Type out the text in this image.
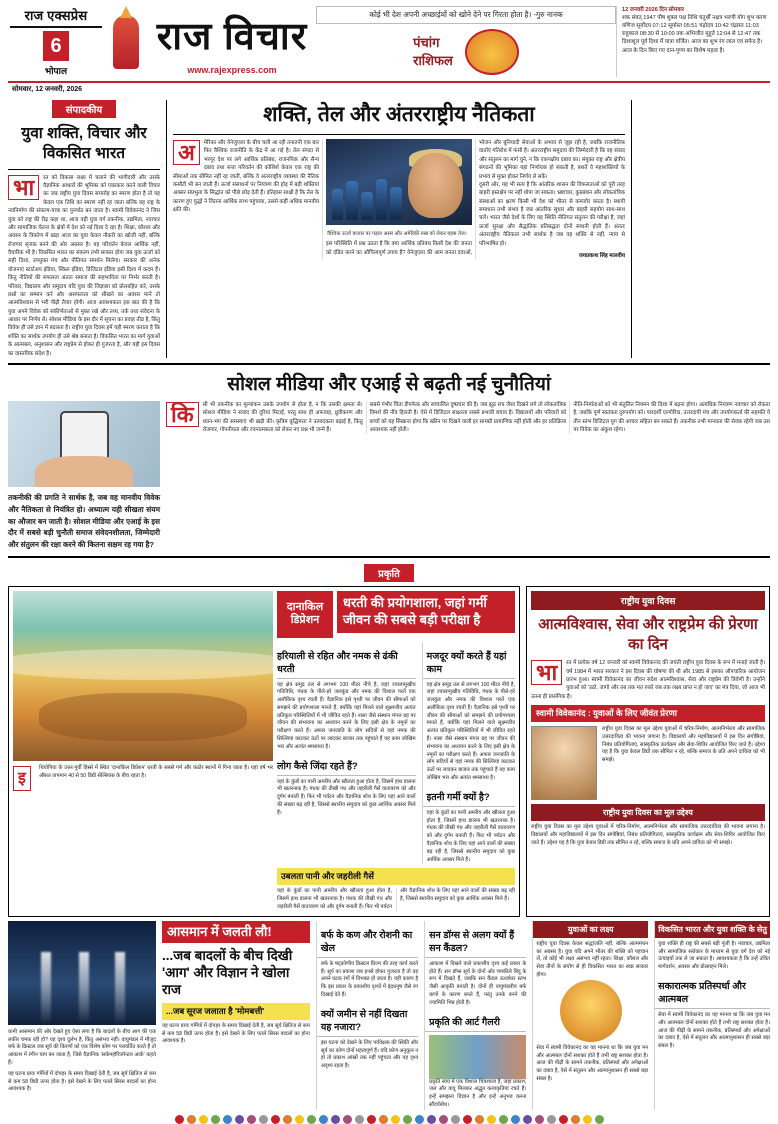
राज एक्सप्रेस
6
भोपाल
राज विचार
www.rajexpress.com
कोई भी देश अपनी अच्छाईयों को खोने देने पर गिरता होता है। -गुरु नानक
पंचांग
राशिफल
12 जनवरी 2026 दिन सोमवार
शक संवत् 1947 पौष शुक्ल पक्ष तिथि चतुर्थी नक्षत्र भरणी योग शुभ करण वणिज सूर्योदय 07:12 सूर्यास्त 05:51 चंद्रोदय 10:42 चंद्रास्त 11:03 राहुकाल 08:30 से 10:00 तक अभिजीत मुहूर्त 12:04 से 12:47 तक दिशाशूल पूर्व दिशा में यात्रा वर्जित। आज का शुभ रंग लाल एवं सफेद है। आज के दिन किए गए दान-पुण्य का विशेष महत्व है।
सोमवार, 12 जनवरी, 2026
संपादकीय
युवा शक्ति, विचार और विकसित भारत
भा	रत को विकास लक्ष्य में चलाने की भागीदारी और उसके वैज्ञानिक आधारों की भूमिका को एकाकार करने वाली विचार का जब राष्ट्रीय युवा दिवस समारोह का स्मरण होता है तो यह केवल एक तिथि का स्मरण नहीं रह जाता बल्कि यह राष्ट्र के नवनिर्माण की संकल्प-यात्रा का पुनर्पाठ बन जाता है। स्वामी विवेकानंद ने जिस युवा को राष्ट्र की रीढ़ कहा था, आज वही युवा वर्ग तकनीक, उद्यमिता, नवाचार और सामाजिक चेतना के क्षेत्रों में देश को नई दिशा दे रहा है। शिक्षा, कौशल और अवसर के त्रिकोण में खड़ा आज का युवा केवल नौकरी का खोजी नहीं, बल्कि रोजगार सृजक बनने की ओर अग्रसर है। यह परिवर्तन केवल आर्थिक नहीं, वैचारिक भी है। विकसित भारत का संकल्प तभी साकार होगा जब युवा ऊर्जा को सही दिशा, उपयुक्त मंच और नीतिगत समर्थन मिलेगा। सरकार की अनेक योजनाएं स्टार्टअप इंडिया, स्किल इंडिया, डिजिटल इंडिया इसी दिशा में कदम हैं। किंतु नीतियों की सफलता अंततः समाज की सहभागिता पर निर्भर करती है। परिवार, विद्यालय और समुदाय यदि युवा की जिज्ञासा को प्रोत्साहित करें, उसके प्रश्नों का सम्मान करें और असफलता को सीखने का अवसर मानें तो आत्मविश्वास से भरी पीढ़ी तैयार होगी। आज आवश्यकता इस बात की है कि युवा अपने विवेक को संकीर्णताओं से मुक्त रखे और तथ्य, तर्क तथा संवेदना के आधार पर निर्णय ले। सोशल मीडिया के इस दौर में सूचना का प्रवाह तीव्र है, किंतु विवेक ही उसे ज्ञान में बदलता है। राष्ट्रीय युवा दिवस हमें यही स्मरण कराता है कि शक्ति का सार्थक उपयोग ही उसे श्रेष्ठ बनाता है। विकसित भारत का मार्ग युवाओं के आत्मबल, अनुशासन और राष्ट्रप्रेम से होकर ही गुजरता है, और यही इस दिवस का वास्तविक संदेश है।
शक्ति, तेल और अंतरराष्ट्रीय नैतिकता
अ	मेरिका और वेनेजुएला के बीच चली आ रही तनातनी एक बार फिर वैश्विक राजनीति के केंद्र में आ गई है। तेल संपदा से भरपूर देश पर लगे आर्थिक प्रतिबंध, राजनयिक और सैन्य दबाव तथा सत्ता परिवर्तन की कोशिशें केवल एक राष्ट्र की सीमाओं तक सीमित नहीं रह जातीं, बल्कि वे अंतरराष्ट्रीय व्यवस्था की नैतिक कसौटी भी बन जाती हैं। ऊर्जा संसाधनों पर नियंत्रण की होड़ में बड़ी शक्तियां अक्सर संप्रभुता के सिद्धांत को पीछे छोड़ देती हैं। इतिहास साक्षी है कि तेल के कारण हुए युद्धों ने जितना आर्थिक लाभ पहुंचाया, उससे कहीं अधिक मानवीय क्षति की।
वैश्विक ऊर्जा बाजार पर पड़ता असर और अमेरिकी रुख को लेकर बहस तेज।
इस परिस्थिति में प्रश्न उठता है कि क्या आर्थिक प्रतिबंध किसी देश की जनता को दंडित करने का औचित्यपूर्ण उपाय हैं? वेनेजुएला की आम जनता दवाओं, भोजन और बुनियादी सेवाओं के अभाव से जूझ रही है, जबकि राजनीतिक वार्ताएं गतिरोध में फंसी हैं। अंतरराष्ट्रीय समुदाय की जिम्मेदारी है कि वह संवाद और संतुलन का मार्ग चुने, न कि एकपक्षीय दबाव का। संयुक्त राष्ट्र और क्षेत्रीय संगठनों की भूमिका यहां निर्णायक हो सकती है, बशर्ते वे महाशक्तियों के प्रभाव से मुक्त होकर निर्णय ले सकें।
दूसरी ओर, यह भी सत्य है कि आंतरिक शासन की विफलताओं को पूरी तरह बाहरी हस्तक्षेप पर नहीं थोपा जा सकता। भ्रष्टाचार, कुप्रबंधन और लोकतांत्रिक संस्थाओं का क्षरण किसी भी देश को भीतर से कमजोर करता है। स्थायी समाधान तभी संभव है जब आंतरिक सुधार और बाहरी सहयोग साथ-साथ चलें। भारत जैसे देशों के लिए यह स्थिति नीतिगत संतुलन की परीक्षा है, जहां ऊर्जा सुरक्षा और सैद्धांतिक प्रतिबद्धता दोनों साधनी होती हैं। अंततः अंतरराष्ट्रीय नैतिकता तभी सार्थक है जब वह शक्ति से नहीं, न्याय से परिभाषित हो।
जयप्रकाश सिंह मालवीय
सोशल मीडिया और एआई से बढ़ती नई चुनौतियां
तकनीकी की प्रगति ने सार्थक है, जब वह मानवीय विवेक और नैतिकता से नियंत्रित हो। अध्यात्म यही सीखता संयम का औजार बन जाती है। सोशल मीडिया और एआई के इस दौर में सबसे बड़ी चुनौती समाज संवेदनशीलता, जिम्मेदारी और संतुलन की रक्षा करने की कितना सक्षम रह गया है?
कि	सी भी तकनीक का मूल्यांकन उसके उपयोग से होता है, न कि उसकी क्षमता से। सोशल मीडिया ने संवाद की दूरियां मिटाईं, परंतु साथ ही अफवाह, ध्रुवीकरण और ध्यान-भंग की समस्याएं भी खड़ी कीं। कृत्रिम बुद्धिमत्ता ने उत्पादकता बढ़ाई है, किंतु रोजगार, गोपनीयता और रचनात्मकता को लेकर नए प्रश्न भी जन्मे हैं।
सबसे गंभीर चिंता डीपफेक और स्वचालित दुष्प्रचार की है। जब झूठ सच जैसा दिखने लगे तो लोकतांत्रिक विमर्श की नींव हिलती है। ऐसे में डिजिटल साक्षरता सबसे प्रभावी बचाव है। विद्यालयों और परिवारों को बच्चों को यह सिखाना होगा कि स्क्रीन पर दिखने वाली हर सामग्री प्रामाणिक नहीं होती और हर प्रतिक्रिया आवश्यक नहीं होती।
नीति-निर्माताओं को भी संतुलित नियमन की दिशा में बढ़ना होगा। अत्यधिक नियंत्रण नवाचार को रोकता है, जबकि पूर्ण स्वतंत्रता दुरुपयोग को। पारदर्शी एल्गोरिद्म, उत्तरदायी मंच और उपयोगकर्ता की सहमति ये तीन स्तंभ डिजिटल युग की आचार संहिता बन सकते हैं। तकनीक तभी मानवता की सेवक रहेगी जब उस पर विवेक का अंकुश रहेगा।
प्रकृति
इ
थियोपिया के उत्तर-पूर्वी हिस्से में स्थित 'दानाकिल डिप्रेशन' धरती के सबसे गर्म और कठोर स्थानों में गिना जाता है। यहां वर्ष भर औसत तापमान 40 से 50 डिग्री सेल्सियस के बीच रहता है।
दानाकिल डिप्रेशन
धरती की प्रयोगशाला, जहां गर्मी जीवन की सबसे बड़ी परीक्षा है
हरियाली से रहित और नमक से ढंकी धरती
यह क्षेत्र समुद्र तल से लगभग 100 मीटर नीचे है, जहां ज्वालामुखीय गतिविधि, गंधक के पीले-हरे जलकुंड और नमक की विशाल परतें एक अलौकिक दृश्य रचती हैं। वैज्ञानिक इसे पृथ्वी पर जीवन की सीमाओं को समझने की प्रयोगशाला मानते हैं, क्योंकि यहां मिलने वाले सूक्ष्मजीव अत्यंत प्रतिकूल परिस्थितियों में भी जीवित रहते हैं। नासा जैसे संस्थान मंगल ग्रह पर जीवन की संभावना का अध्ययन करने के लिए इसी क्षेत्र के नमूनों का परीक्षण करते हैं। अफार जनजाति के लोग सदियों से यहां नमक की सिल्लियां काटकर ऊंटों पर लादकर बाजार तक पहुंचाते हैं यह काम जोखिम भरा और अत्यंत श्रमसाध्य है।
लोग कैसे जिंदा रहते हैं?
यहां के कुंडों का पानी अम्लीय और खौलता हुआ होता है, जिसमें हाथ डालना भी खतरनाक है। गंधक की तीखी गंध और जहरीली गैसें वातावरण को और दुर्गम बनाती हैं। फिर भी पर्यटन और वैज्ञानिक शोध के लिए यहां आने वालों की संख्या बढ़ रही है, जिससे स्थानीय समुदाय को कुछ आर्थिक अवसर मिले हैं।
मजदूर क्यों करते हैं यहां काम
यह क्षेत्र समुद्र तल से लगभग 100 मीटर नीचे है, जहां ज्वालामुखीय गतिविधि, गंधक के पीले-हरे जलकुंड और नमक की विशाल परतें एक अलौकिक दृश्य रचती हैं। वैज्ञानिक इसे पृथ्वी पर जीवन की सीमाओं को समझने की प्रयोगशाला मानते हैं, क्योंकि यहां मिलने वाले सूक्ष्मजीव अत्यंत प्रतिकूल परिस्थितियों में भी जीवित रहते हैं। नासा जैसे संस्थान मंगल ग्रह पर जीवन की संभावना का अध्ययन करने के लिए इसी क्षेत्र के नमूनों का परीक्षण करते हैं। अफार जनजाति के लोग सदियों से यहां नमक की सिल्लियां काटकर ऊंटों पर लादकर बाजार तक पहुंचाते हैं यह काम जोखिम भरा और अत्यंत श्रमसाध्य है।
इतनी गर्मी क्यों है?
यहां के कुंडों का पानी अम्लीय और खौलता हुआ होता है, जिसमें हाथ डालना भी खतरनाक है। गंधक की तीखी गंध और जहरीली गैसें वातावरण को और दुर्गम बनाती हैं। फिर भी पर्यटन और वैज्ञानिक शोध के लिए यहां आने वालों की संख्या बढ़ रही है, जिससे स्थानीय समुदाय को कुछ आर्थिक अवसर मिले हैं।
उबलता पानी और जहरीली गैसें
यहां के कुंडों का पानी अम्लीय और खौलता हुआ होता है, जिसमें हाथ डालना भी खतरनाक है। गंधक की तीखी गंध और जहरीली गैसें वातावरण को और दुर्गम बनाती हैं। फिर भी पर्यटन और वैज्ञानिक शोध के लिए यहां आने वालों की संख्या बढ़ रही है, जिससे स्थानीय समुदाय को कुछ आर्थिक अवसर मिले हैं।
राष्ट्रीय युवा दिवस
आत्मविश्वास, सेवा और राष्ट्रप्रेम की प्रेरणा का दिन
भा	रत में प्रत्येक वर्ष 12 जनवरी को स्वामी विवेकानंद की जयंती राष्ट्रीय युवा दिवस के रूप में मनाई जाती है। वर्ष 1984 में भारत सरकार ने इस दिवस की घोषणा की थी और 1985 से इसका औपचारिक आयोजन प्रारंभ हुआ। स्वामी विवेकानंद का जीवन संदेश आत्मविश्वास, सेवा और राष्ट्रप्रेम की त्रिवेणी है। उन्होंने युवाओं को 'उठो, जागो और तब तक मत रुको जब तक लक्ष्य प्राप्त न हो जाए' का मंत्र दिया, जो आज भी उतना ही प्रासंगिक है।
स्वामी विवेकानंद : युवाओं के लिए जीवंत प्रेरणा
राष्ट्रीय युवा दिवस का मूल उद्देश्य युवाओं में चरित्र-निर्माण, आत्मनिर्भरता और सामाजिक उत्तरदायित्व की भावना जगाना है। विद्यालयों और महाविद्यालयों में इस दिन संगोष्ठियां, निबंध प्रतियोगिताएं, सांस्कृतिक कार्यक्रम और सेवा-शिविर आयोजित किए जाते हैं। उद्देश्य यह है कि युवा केवल डिग्री तक सीमित न रहे, बल्कि समाज के प्रति अपने दायित्व को भी समझे।
राष्ट्रीय युवा दिवस का मूल उद्देश्य
राष्ट्रीय युवा दिवस का मूल उद्देश्य युवाओं में चरित्र-निर्माण, आत्मनिर्भरता और सामाजिक उत्तरदायित्व की भावना जगाना है। विद्यालयों और महाविद्यालयों में इस दिन संगोष्ठियां, निबंध प्रतियोगिताएं, सांस्कृतिक कार्यक्रम और सेवा-शिविर आयोजित किए जाते हैं। उद्देश्य यह है कि युवा केवल डिग्री तक सीमित न रहे, बल्कि समाज के प्रति अपने दायित्व को भी समझे।
कभी आसमान की ओर देखते हुए ऐसा लगा है कि बादलों के बीच आग की एक लकीर चमक रही हो? यह दृश्य दुर्लभ है, किंतु असंभव नहीं। वायुमंडल में मौजूद बर्फ के क्रिस्टल जब सूर्य की किरणों को एक विशेष कोण पर परावर्तित करते हैं तो आकाश में रंगीन चाप बन जाता है, जिसे वैज्ञानिक 'सर्कमहॉरिजॉन्टल आर्क' कहते हैं।
यह घटना प्रायः गर्मियों में दोपहर के समय दिखाई देती है, जब सूर्य क्षितिज से कम से कम 58 डिग्री ऊपर होता है। इसे देखने के लिए पतले सिरस बादलों का होना आवश्यक है।
आसमान में जलती लौ!
...जब बादलों के बीच दिखी 'आग' और विज्ञान ने खोला राज
...जब सूरज जलाता है 'मोमबत्ती'
यह घटना प्रायः गर्मियों में दोपहर के समय दिखाई देती है, जब सूर्य क्षितिज से कम से कम 58 डिग्री ऊपर होता है। इसे देखने के लिए पतले सिरस बादलों का होना आवश्यक है।
बर्फ के कण और रोशनी का खेल
बर्फ के षट्कोणीय क्रिस्टल प्रिज्म की तरह कार्य करते हैं। सूर्य का प्रकाश जब इनसे होकर गुजरता है तो वह अपने घटक रंगों में विभक्त हो जाता है। यही कारण है कि इस प्रकार के प्रकाशीय दृश्यों में इंद्रधनुष जैसे रंग दिखाई देते हैं।
क्यों जमीन से नहीं दिखता यह नजारा?
इस घटना को देखने के लिए पर्यवेक्षक की स्थिति और सूर्य का कोण दोनों महत्वपूर्ण हैं। यदि कोण अनुकूल न हो तो प्रकाश आंखों तक नहीं पहुंचता और यह दृश्य अदृश्य रहता है।
सन डॉग्स से अलग क्यों हैं सन कैंडल?
आकाश में दिखने वाले प्रकाशीय दृश्य कई प्रकार के होते हैं। सन डॉग्स सूर्य के दोनों ओर चमकीले बिंदु के रूप में दिखते हैं, जबकि सन कैंडल ऊर्ध्वाधर स्तंभ जैसी आकृति बनाती है। दोनों ही वायुमंडलीय बर्फ कणों के कारण बनते हैं, परंतु उनके बनने की ज्यामिति भिन्न होती है।
प्रकृति की आर्ट गैलरी
प्रकृति स्वयं में एक विशाल चित्रशाला है, जहां प्रकाश, जल और वायु मिलकर अद्भुत कलाकृतियां रचते हैं। इन्हें समझना विज्ञान है और इन्हें अनुभव करना सौंदर्यबोध।
युवाओं का लक्ष्य
राष्ट्रीय युवा दिवस केवल श्रद्धांजलि नहीं, बल्कि आत्ममंथन का अवसर है। युवा यदि अपने भीतर की शक्ति को पहचान लें, तो कोई भी लक्ष्य असंभव नहीं रहता। शिक्षा, कौशल और सेवा तीनों के संयोग से ही विकसित भारत का स्वप्न साकार होगा।
सेवा में स्वामी विवेकानंद का यह मानना था कि जब युवा मन और आत्मबल दोनों सशक्त होते हैं तभी राष्ट्र सशक्त होता है। आज की पीढ़ी के सामने तकनीक, प्रतिस्पर्धा और अपेक्षाओं का दबाव है, ऐसे में संतुलन और आत्मानुशासन ही सबसे बड़ा संबल है।
विकसित भारत और युवा शक्ति के सेतु
युवा शक्ति ही राष्ट्र की सबसे बड़ी पूंजी है। नवाचार, उद्यमिता और सामाजिक सरोकार के माध्यम से युवा वर्ग देश को नई ऊंचाइयों तक ले जा सकता है। आवश्यकता है कि उन्हें उचित मार्गदर्शन, अवसर और प्रोत्साहन मिले।
सकारात्मक प्रतिस्पर्धा और आत्मबल
सेवा में स्वामी विवेकानंद का यह मानना था कि जब युवा मन और आत्मबल दोनों सशक्त होते हैं तभी राष्ट्र सशक्त होता है। आज की पीढ़ी के सामने तकनीक, प्रतिस्पर्धा और अपेक्षाओं का दबाव है, ऐसे में संतुलन और आत्मानुशासन ही सबसे बड़ा संबल है।
